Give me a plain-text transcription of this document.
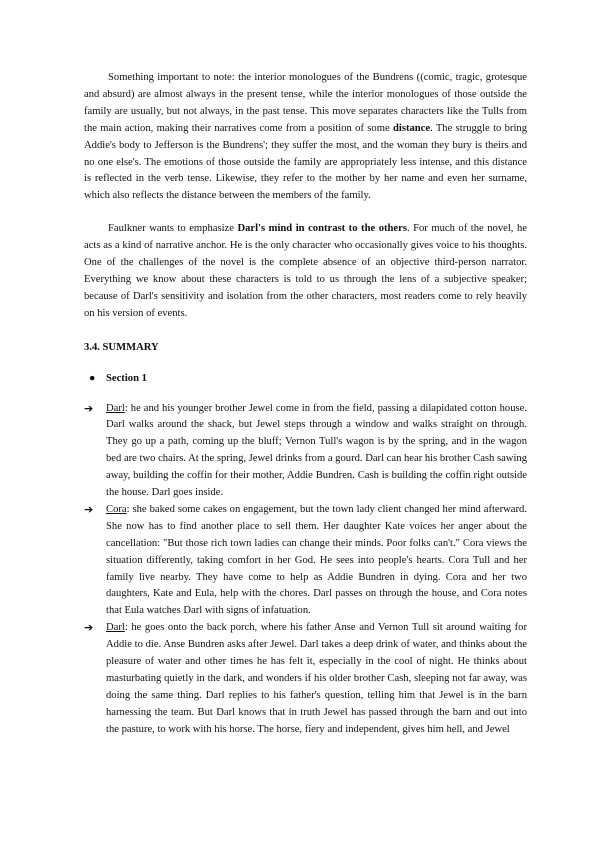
Something important to note: the interior monologues of the Bundrens ((comic, tragic, grotesque and absurd) are almost always in the present tense, while the interior monologues of those outside the family are usually, but not always, in the past tense. This move separates characters like the Tulls from the main action, making their narratives come from a position of some distance. The struggle to bring Addie's body to Jefferson is the Bundrens'; they suffer the most, and the woman they bury is theirs and no one else's. The emotions of those outside the family are appropriately less intense, and this distance is reflected in the verb tense. Likewise, they refer to the mother by her name and even her surname, which also reflects the distance between the members of the family.

Faulkner wants to emphasize Darl's mind in contrast to the others. For much of the novel, he acts as a kind of narrative anchor. He is the only character who occasionally gives voice to his thoughts. One of the challenges of the novel is the complete absence of an objective third-person narrator. Everything we know about these characters is told to us through the lens of a subjective speaker; because of Darl's sensitivity and isolation from the other characters, most readers come to rely heavily on his version of events.

3.4. SUMMARY

● Section 1

➔ Darl: he and his younger brother Jewel come in from the field, passing a dilapidated cotton house. Darl walks around the shack, but Jewel steps through a window and walks straight on through. They go up a path, coming up the bluff; Vernon Tull's wagon is by the spring, and in the wagon bed are two chairs. At the spring, Jewel drinks from a gourd. Darl can hear his brother Cash sawing away, building the coffin for their mother, Addie Bundren. Cash is building the coffin right outside the house. Darl goes inside.

➔ Cora: she baked some cakes on engagement, but the town lady client changed her mind afterward. She now has to find another place to sell them. Her daughter Kate voices her anger about the cancellation: "But those rich town ladies can change their minds. Poor folks can't." Cora views the situation differently, taking comfort in her God. He sees into people's hearts. Cora Tull and her family live nearby. They have come to help as Addie Bundren in dying. Cora and her two daughters, Kate and Eula, help with the chores. Darl passes on through the house, and Cora notes that Eula watches Darl with signs of infatuation.

➔ Darl: he goes onto the back porch, where his father Anse and Vernon Tull sit around waiting for Addie to die. Anse Bundren asks after Jewel. Darl takes a deep drink of water, and thinks about the pleasure of water and other times he has felt it, especially in the cool of night. He thinks about masturbating quietly in the dark, and wonders if his older brother Cash, sleeping not far away, was doing the same thing. Darl replies to his father's question, telling him that Jewel is in the barn harnessing the team. But Darl knows that in truth Jewel has passed through the barn and out into the pasture, to work with his horse. The horse, fiery and independent, gives him hell, and Jewel
